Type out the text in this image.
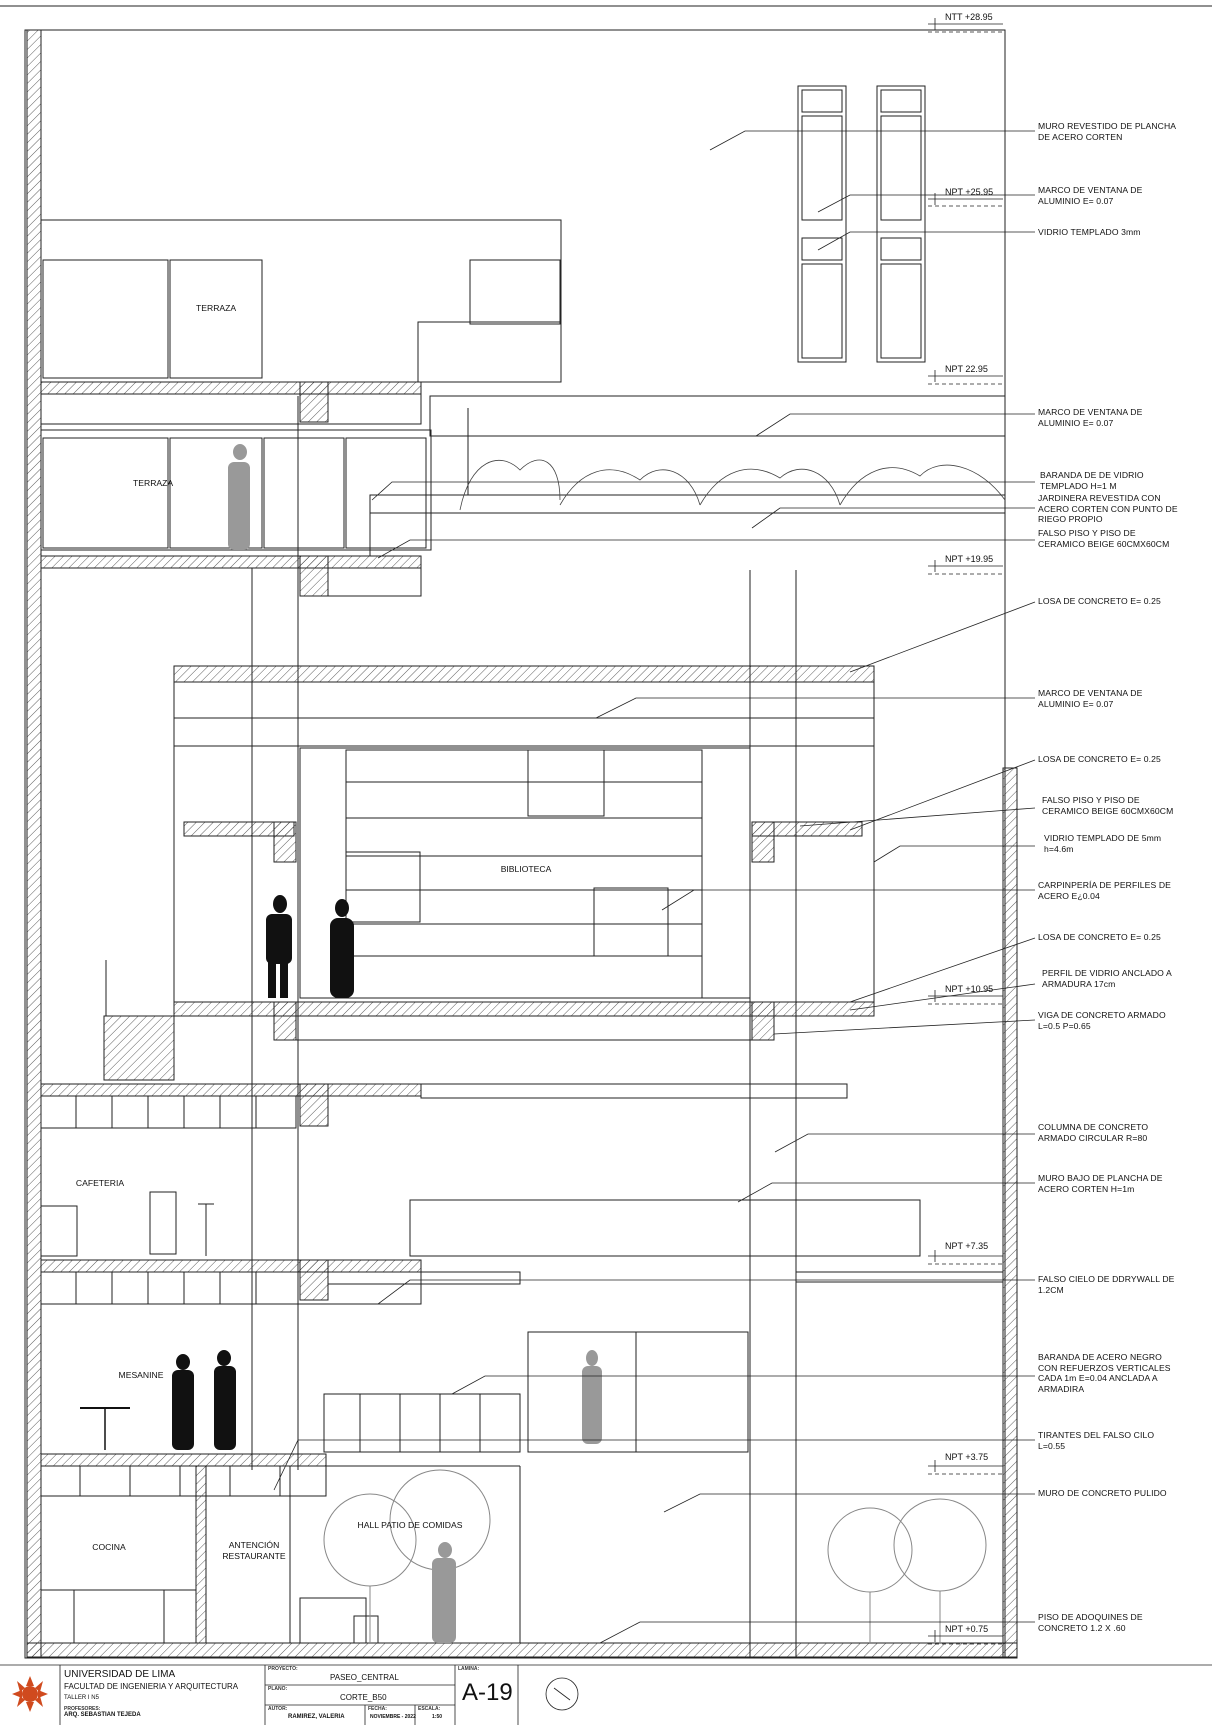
NTT +28.95
NPT +25.95
NPT 22.95
NPT +19.95
NPT +10.95
NPT +7.35
NPT +3.75
NPT +0.75
TERRAZA
TERRAZA
BIBLIOTECA
CAFETERIA
MESANINE
COCINA	ANTENCIÓN
RESTAURANTE
HALL PATIO DE COMIDAS
MURO REVESTIDO DE PLANCHA
DE ACERO CORTEN
MARCO DE VENTANA DE
ALUMINIO E= 0.07
VIDRIO TEMPLADO 3mm
MARCO DE VENTANA DE
ALUMINIO E= 0.07
BARANDA DE DE VIDRIO
TEMPLADO H=1 M
JARDINERA REVESTIDA CON
ACERO CORTEN CON PUNTO DE
RIEGO PROPIO
FALSO PISO Y PISO DE
CERAMICO BEIGE 60CMX60CM
LOSA DE CONCRETO E= 0.25
MARCO DE VENTANA DE
ALUMINIO E= 0.07
LOSA DE CONCRETO E= 0.25
FALSO PISO Y PISO DE
CERAMICO BEIGE 60CMX60CM
VIDRIO TEMPLADO DE 5mm
h=4.6m
CARPINPERÍA DE PERFILES DE
ACERO E¿0.04
LOSA DE CONCRETO E= 0.25
PERFIL DE VIDRIO ANCLADO A
ARMADURA 17cm
VIGA DE CONCRETO ARMADO
L=0.5 P=0.65
COLUMNA DE CONCRETO
ARMADO CIRCULAR R=80
MURO BAJO DE PLANCHA DE
ACERO CORTEN H=1m
FALSO CIELO DE DDRYWALL DE
1.2CM
BARANDA DE ACERO NEGRO
CON REFUERZOS VERTICALES
CADA 1m E=0.04 ANCLADA A
ARMADIRA
TIRANTES DEL FALSO CILO
L=0.55
MURO DE CONCRETO PULIDO
PISO DE ADOQUINES DE
CONCRETO 1.2 X .60
UNIVERSIDAD DE LIMA
FACULTAD DE INGENIERIA Y ARQUITECTURA
TALLER I N5
PROFESORES:
ARQ. SEBASTIAN TEJEDA
PROYECTO:
PASEO_CENTRAL
PLANO:
CORTE_B50
AUTOR:
RAMIREZ, VALERIA
FECHA:
NOVIEMBRE - 2022
ESCALA:
1:50
LAMINA:
A-19
